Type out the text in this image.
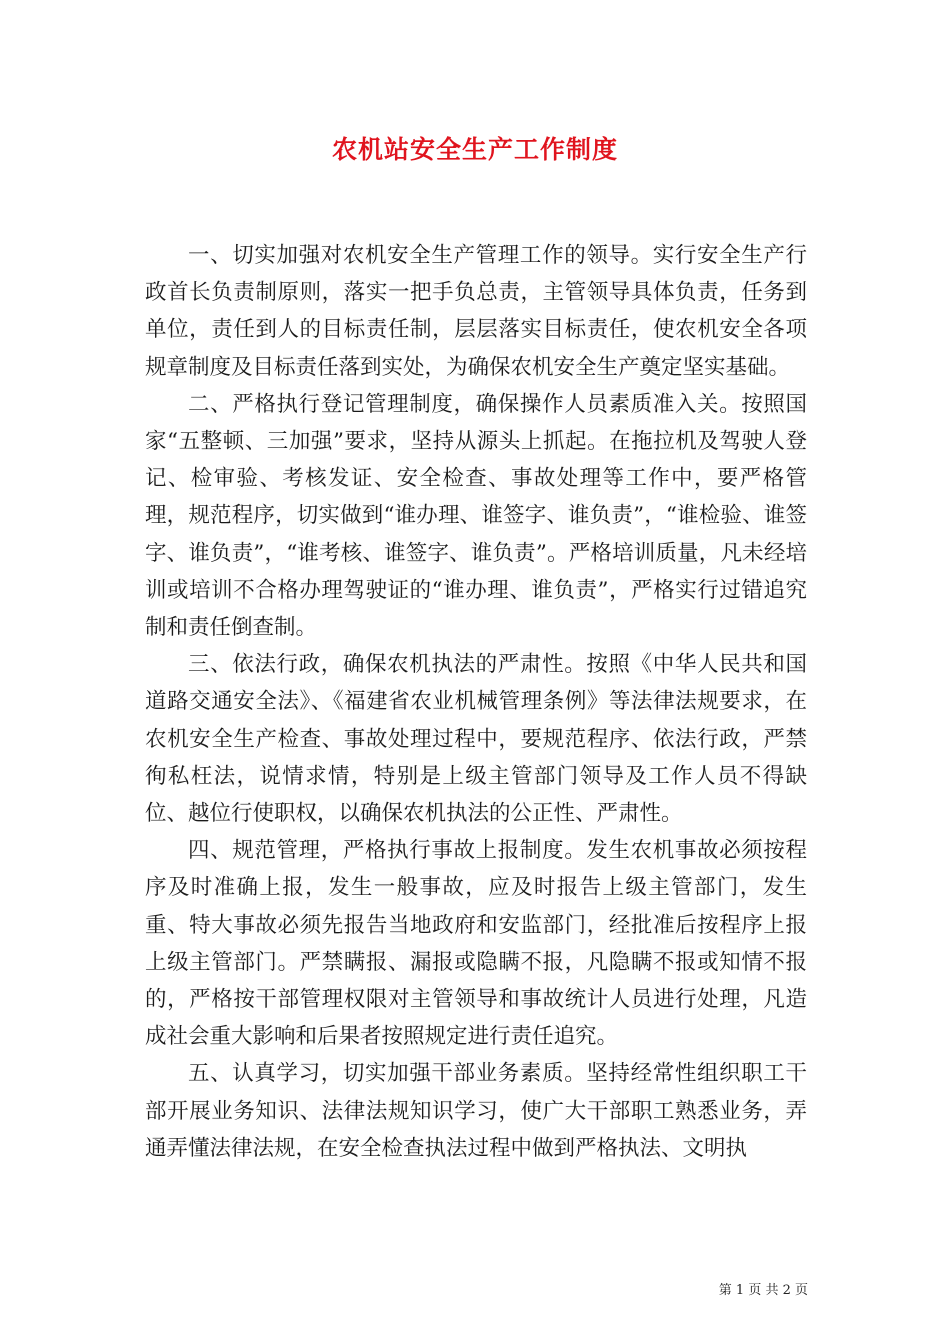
农机站安全生产工作制度

一、切实加强对农机安全生产管理工作的领导。实行安全生产行政首长负责制原则，落实一把手负总责，主管领导具体负责，任务到单位，责任到人的目标责任制，层层落实目标责任，使农机安全各项规章制度及目标责任落到实处，为确保农机安全生产奠定坚实基础。

二、严格执行登记管理制度，确保操作人员素质准入关。按照国家“五整顿、三加强”要求，坚持从源头上抓起。在拖拉机及驾驶人登记、检审验、考核发证、安全检查、事故处理等工作中，要严格管理，规范程序，切实做到“谁办理、谁签字、谁负责”，“谁检验、谁签字、谁负责”，“谁考核、谁签字、谁负责”。严格培训质量，凡未经培训或培训不合格办理驾驶证的“谁办理、谁负责”，严格实行过错追究制和责任倒查制。

三、依法行政，确保农机执法的严肃性。按照《中华人民共和国道路交通安全法》、《福建省农业机械管理条例》等法律法规要求，在农机安全生产检查、事故处理过程中，要规范程序、依法行政，严禁徇私枉法，说情求情，特别是上级主管部门领导及工作人员不得缺位、越位行使职权，以确保农机执法的公正性、严肃性。

四、规范管理，严格执行事故上报制度。发生农机事故必须按程序及时准确上报，发生一般事故，应及时报告上级主管部门，发生重、特大事故必须先报告当地政府和安监部门，经批准后按程序上报上级主管部门。严禁瞒报、漏报或隐瞒不报，凡隐瞒不报或知情不报的，严格按干部管理权限对主管领导和事故统计人员进行处理，凡造成社会重大影响和后果者按照规定进行责任追究。

五、认真学习，切实加强干部业务素质。坚持经常性组织职工干部开展业务知识、法律法规知识学习，使广大干部职工熟悉业务，弄通弄懂法律法规，在安全检查执法过程中做到严格执法、文明执

第 1 页 共 2 页
